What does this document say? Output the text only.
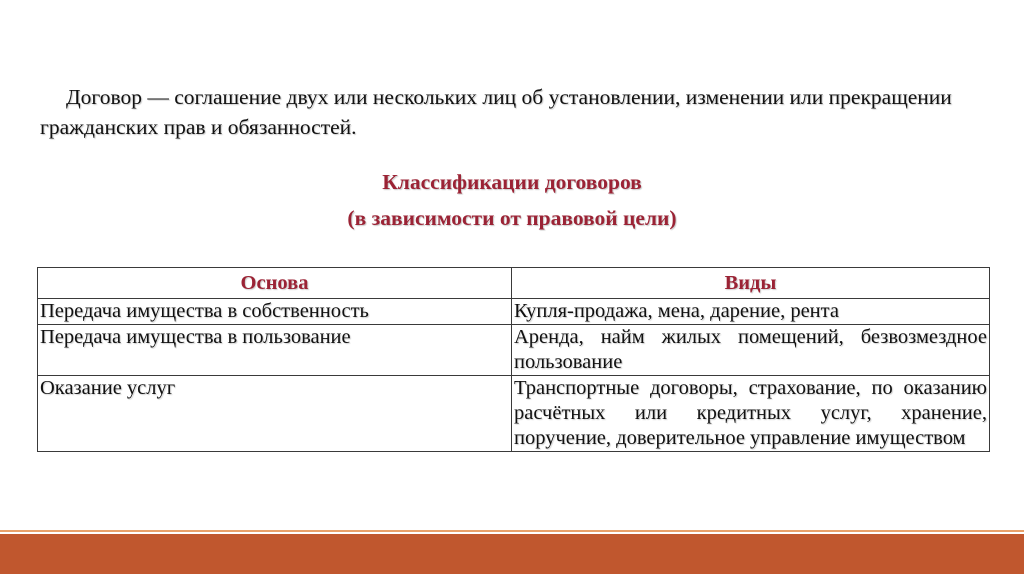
Договор — соглашение двух или нескольких лиц об установлении, изменении или прекращении гражданских прав и обязанностей.

Классификации договоров
(в зависимости от правовой цели)
Основа	Виды
Передача имущества в собственность	Купля-продажа, мена, дарение, рента
Передача имущества в пользование	Аренда, найм жилых помещений, безвозмездное пользование
Оказание услуг	Транспортные договоры, страхование, по оказанию расчётных или кредитных услуг, хранение, поручение, доверительное управление имуществом
